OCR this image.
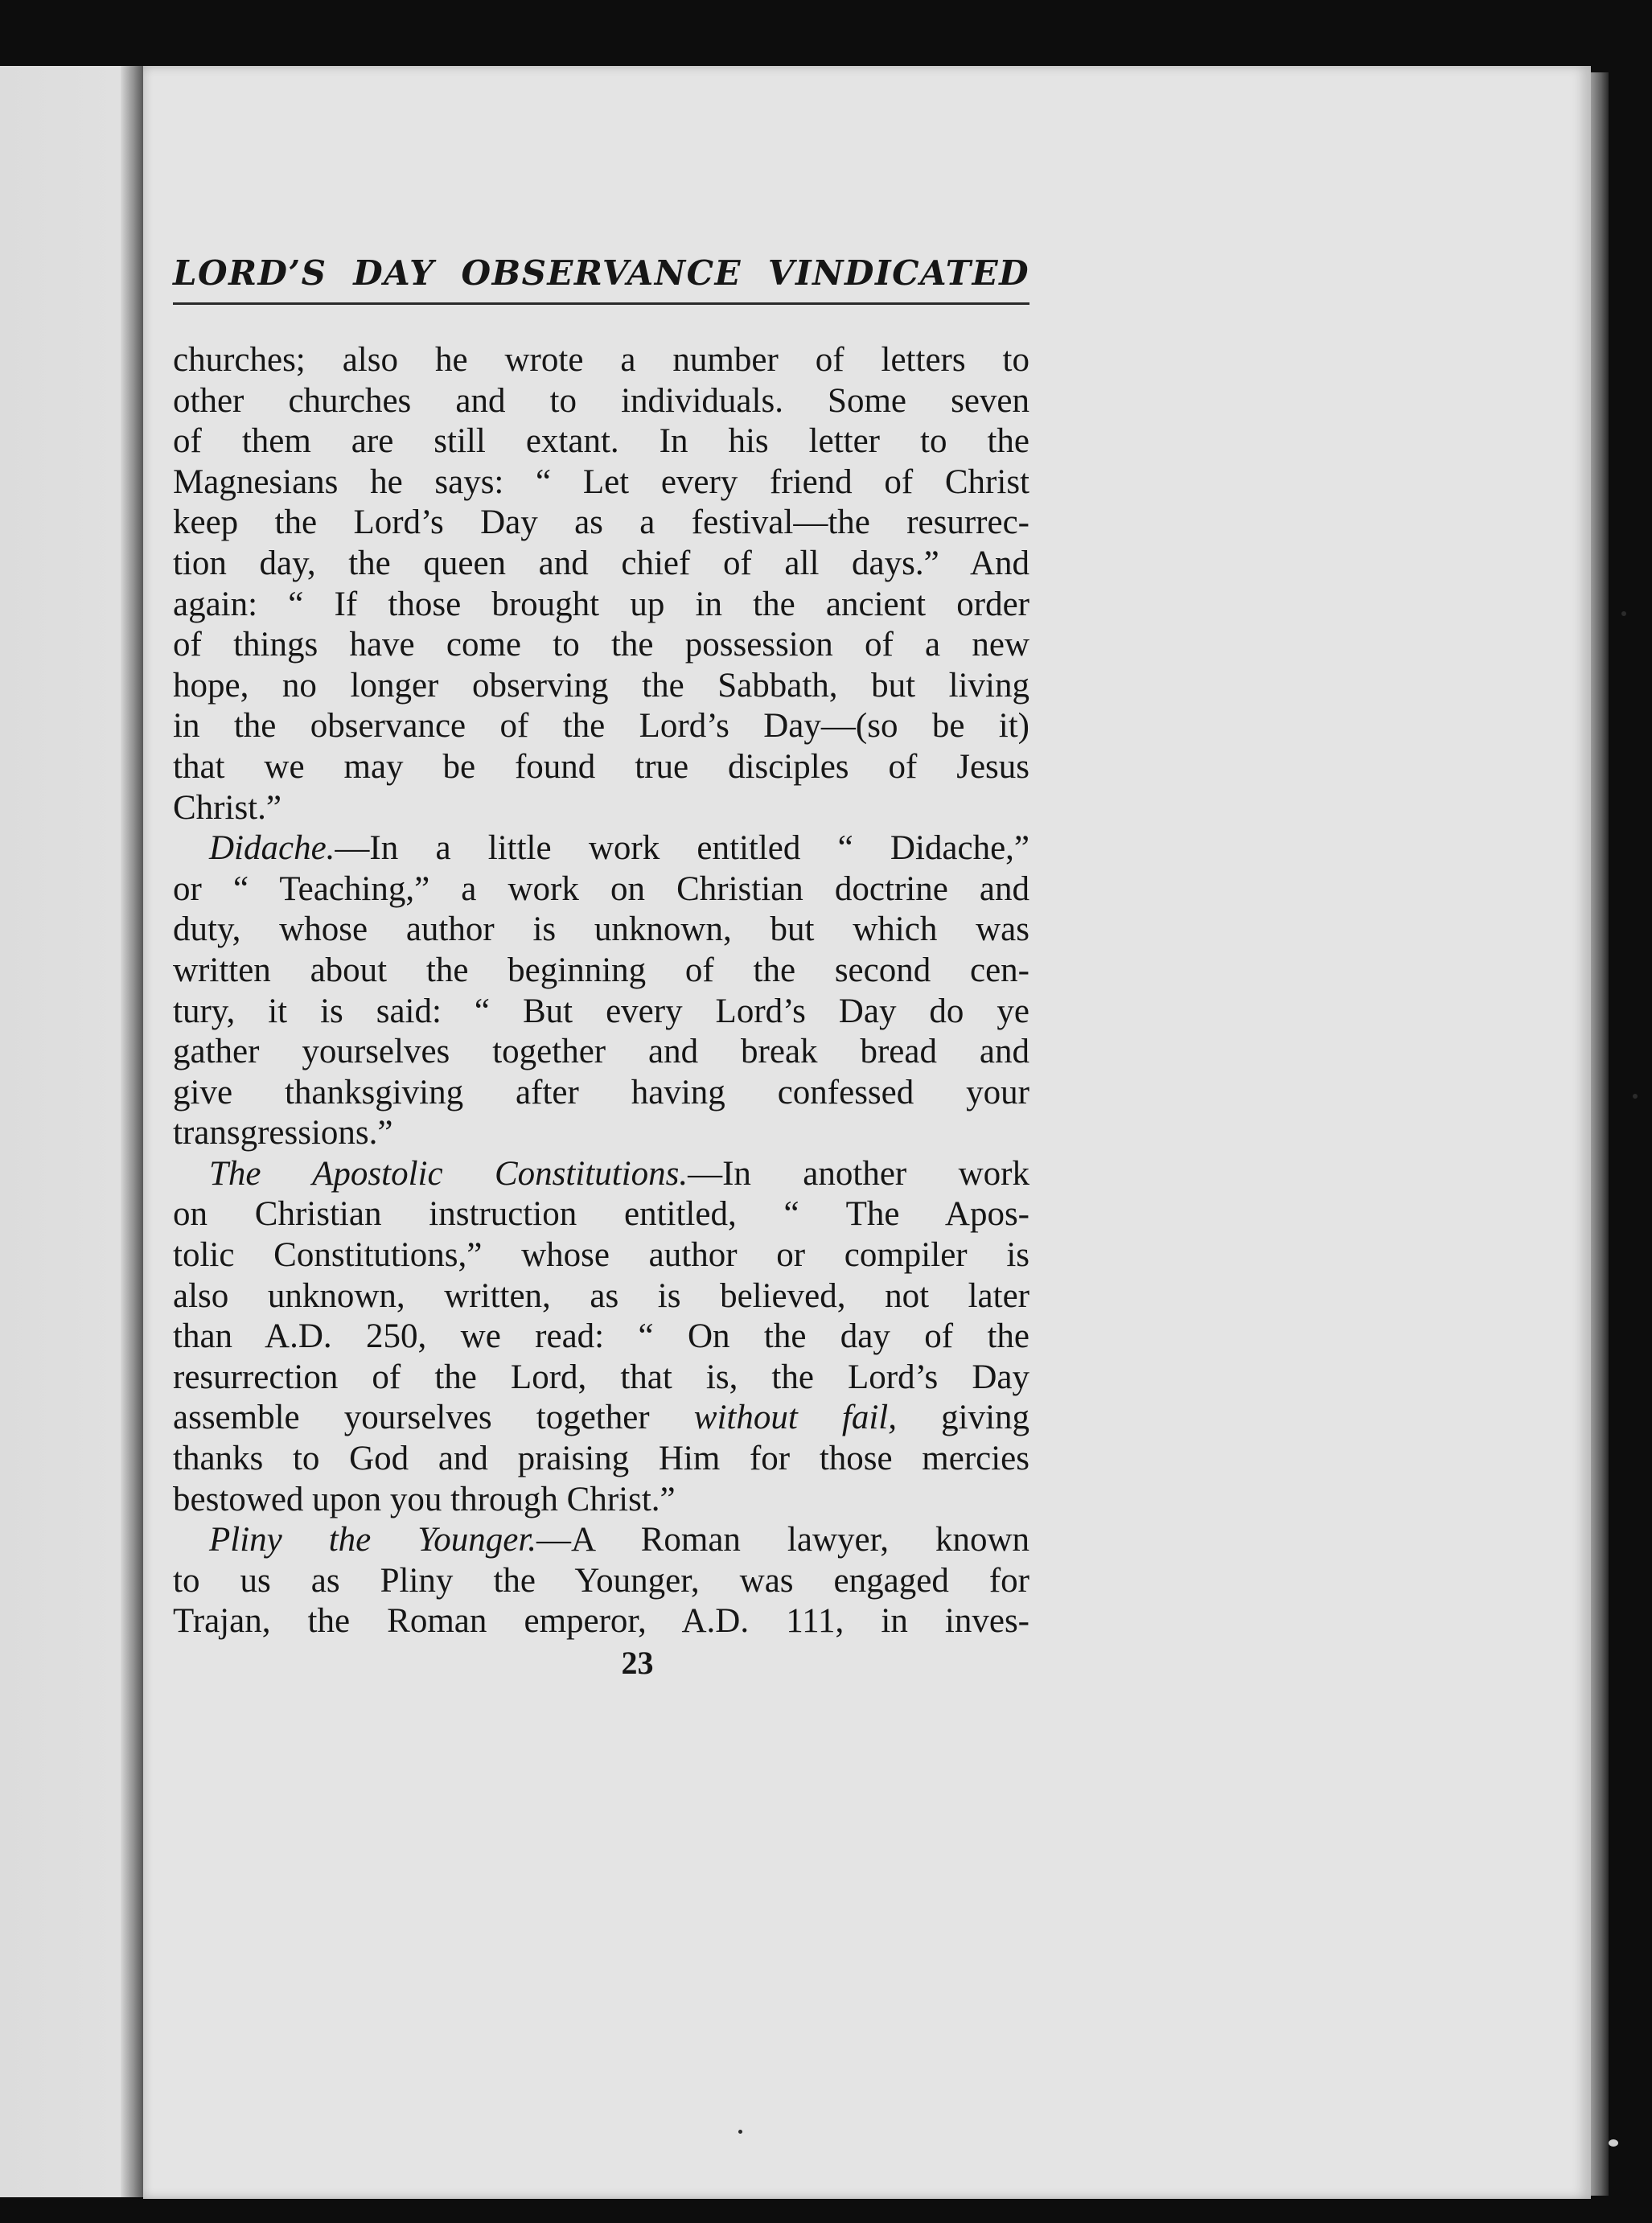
LORD’S DAY OBSERVANCE VINDICATED
churches; also he wrote a number of letters to
other churches and to individuals. Some seven
of them are still extant. In his letter to the
Magnesians he says: “ Let every friend of Christ
keep the Lord’s Day as a festival—the resurrec-
tion day, the queen and chief of all days.” And
again: “ If those brought up in the ancient order
of things have come to the possession of a new
hope, no longer observing the Sabbath, but living
in the observance of the Lord’s Day—(so be it)
that we may be found true disciples of Jesus
Christ.”
Didache.—In a little work entitled “ Didache,”
or “ Teaching,” a work on Christian doctrine and
duty, whose author is unknown, but which was
written about the beginning of the second cen-
tury, it is said: “ But every Lord’s Day do ye
gather yourselves together and break bread and
give thanksgiving after having confessed your
transgressions.”
The Apostolic Constitutions.—In another work
on Christian instruction entitled, “ The Apos-
tolic Constitutions,” whose author or compiler is
also unknown, written, as is believed, not later
than A.D. 250, we read: “ On the day of the
resurrection of the Lord, that is, the Lord’s Day
assemble yourselves together without fail, giving
thanks to God and praising Him for those mercies
bestowed upon you through Christ.”
Pliny the Younger.—A Roman lawyer, known
to us as Pliny the Younger, was engaged for
Trajan, the Roman emperor, A.D. 111, in inves-
23
